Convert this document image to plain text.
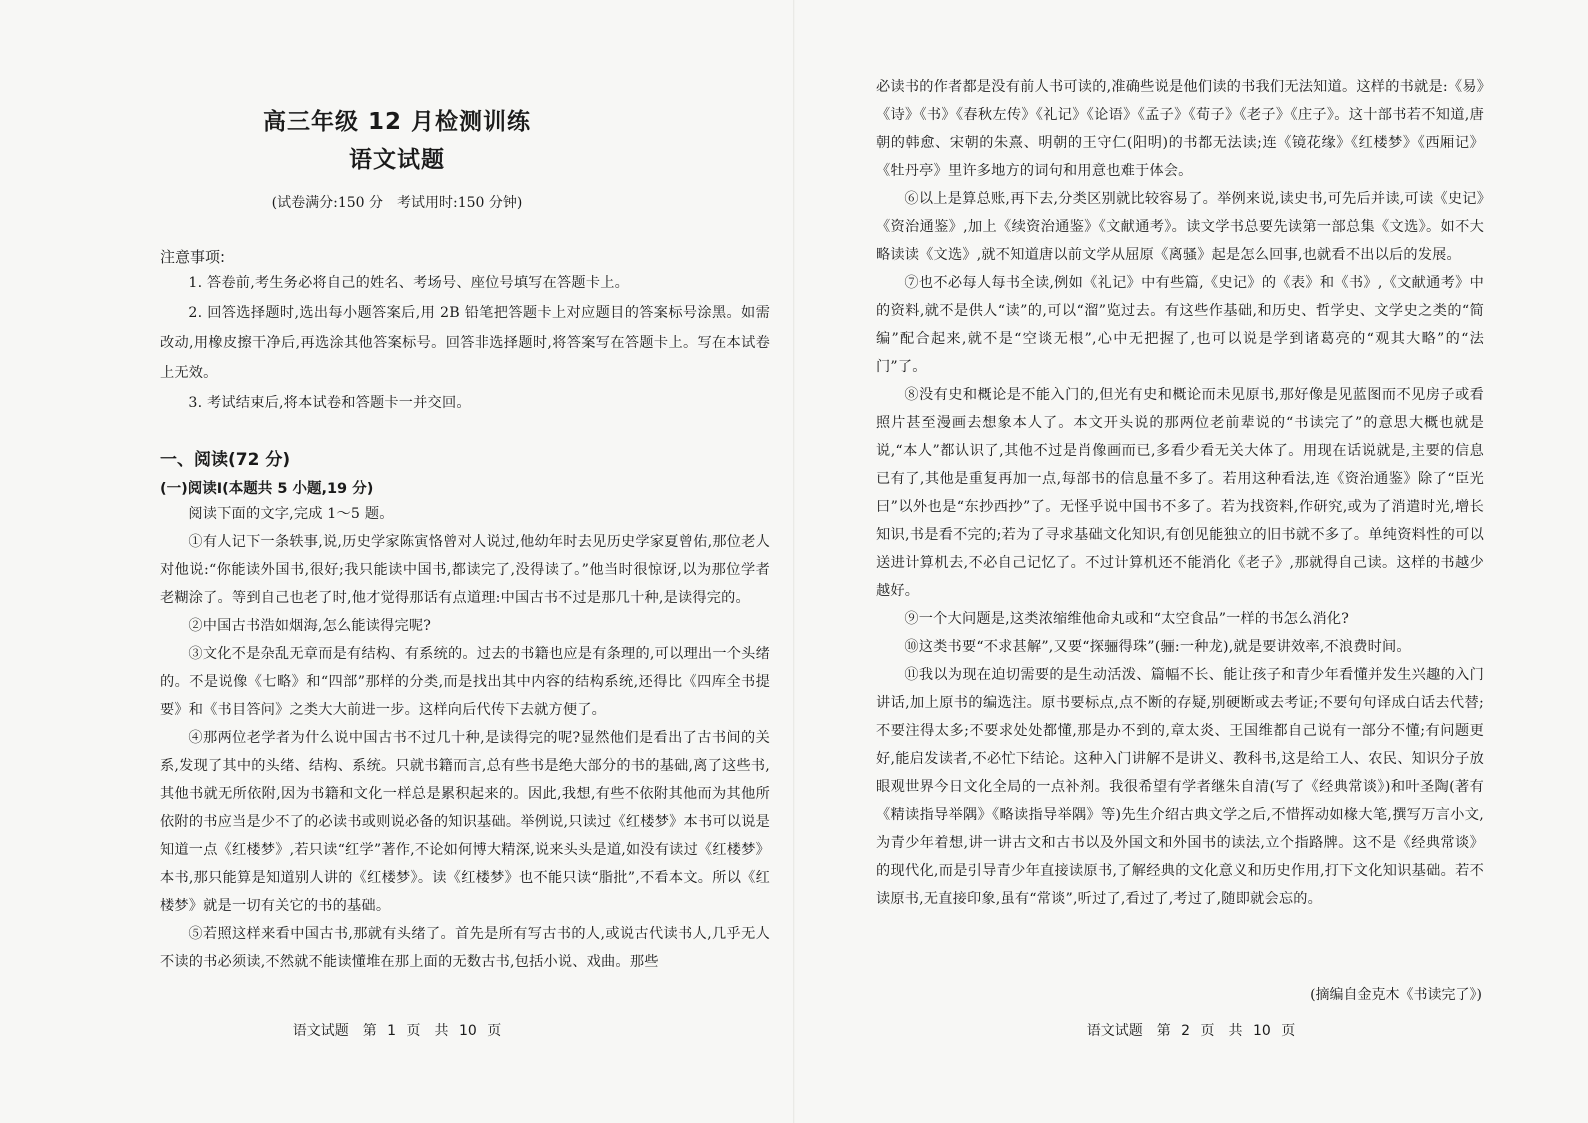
高三年级 12 月检测训练
语文试题
(试卷满分:150 分　考试用时:150 分钟)
注意事项:

1. 答卷前,考生务必将自己的姓名、考场号、座位号填写在答题卡上。

2. 回答选择题时,选出每小题答案后,用 2B 铅笔把答题卡上对应题目的答案标号涂黑。如需改动,用橡皮擦干净后,再选涂其他答案标号。回答非选择题时,将答案写在答题卡上。写在本试卷上无效。

3. 考试结束后,将本试卷和答题卡一并交回。

一、阅读(72 分)
(一)阅读Ⅰ(本题共 5 小题,19 分)

阅读下面的文字,完成 1～5 题。

①有人记下一条轶事,说,历史学家陈寅恪曾对人说过,他幼年时去见历史学家夏曾佑,那位老人对他说:“你能读外国书,很好;我只能读中国书,都读完了,没得读了。”他当时很惊讶,以为那位学者老糊涂了。等到自己也老了时,他才觉得那话有点道理:中国古书不过是那几十种,是读得完的。

②中国古书浩如烟海,怎么能读得完呢?

③文化不是杂乱无章而是有结构、有系统的。过去的书籍也应是有条理的,可以理出一个头绪的。不是说像《七略》和“四部”那样的分类,而是找出其中内容的结构系统,还得比《四库全书提要》和《书目答问》之类大大前进一步。这样向后代传下去就方便了。

④那两位老学者为什么说中国古书不过几十种,是读得完的呢?显然他们是看出了古书间的关系,发现了其中的头绪、结构、系统。只就书籍而言,总有些书是绝大部分的书的基础,离了这些书,其他书就无所依附,因为书籍和文化一样总是累积起来的。因此,我想,有些不依附其他而为其他所依附的书应当是少不了的必读书或则说必备的知识基础。举例说,只读过《红楼梦》本书可以说是知道一点《红楼梦》,若只读“红学”著作,不论如何博大精深,说来头头是道,如没有读过《红楼梦》本书,那只能算是知道别人讲的《红楼梦》。读《红楼梦》也不能只读“脂批”,不看本文。所以《红楼梦》就是一切有关它的书的基础。

⑤若照这样来看中国古书,那就有头绪了。首先是所有写古书的人,或说古代读书人,几乎无人不读的书必须读,不然就不能读懂堆在那上面的无数古书,包括小说、戏曲。那些

语文试题　第 1 页　共 10 页

必读书的作者都是没有前人书可读的,准确些说是他们读的书我们无法知道。这样的书就是:《易》《诗》《书》《春秋左传》《礼记》《论语》《孟子》《荀子》《老子》《庄子》。这十部书若不知道,唐朝的韩愈、宋朝的朱熹、明朝的王守仁(阳明)的书都无法读;连《镜花缘》《红楼梦》《西厢记》《牡丹亭》里许多地方的词句和用意也难于体会。

⑥以上是算总账,再下去,分类区别就比较容易了。举例来说,读史书,可先后并读,可读《史记》《资治通鉴》,加上《续资治通鉴》《文献通考》。读文学书总要先读第一部总集《文选》。如不大略读读《文选》,就不知道唐以前文学从屈原《离骚》起是怎么回事,也就看不出以后的发展。

⑦也不必每人每书全读,例如《礼记》中有些篇,《史记》的《表》和《书》,《文献通考》中的资料,就不是供人“读”的,可以“溜”览过去。有这些作基础,和历史、哲学史、文学史之类的“简编”配合起来,就不是“空谈无根”,心中无把握了,也可以说是学到诸葛亮的“观其大略”的“法门”了。

⑧没有史和概论是不能入门的,但光有史和概论而未见原书,那好像是见蓝图而不见房子或看照片甚至漫画去想象本人了。本文开头说的那两位老前辈说的“书读完了”的意思大概也就是说,“本人”都认识了,其他不过是肖像画而已,多看少看无关大体了。用现在话说就是,主要的信息已有了,其他是重复再加一点,每部书的信息量不多了。若用这种看法,连《资治通鉴》除了“臣光曰”以外也是“东抄西抄”了。无怪乎说中国书不多了。若为找资料,作研究,或为了消遣时光,增长知识,书是看不完的;若为了寻求基础文化知识,有创见能独立的旧书就不多了。单纯资料性的可以送进计算机去,不必自己记忆了。不过计算机还不能消化《老子》,那就得自己读。这样的书越少越好。

⑨一个大问题是,这类浓缩维他命丸或和“太空食品”一样的书怎么消化?

⑩这类书要“不求甚解”,又要“探骊得珠”(骊:一种龙),就是要讲效率,不浪费时间。

⑪我以为现在迫切需要的是生动活泼、篇幅不长、能让孩子和青少年看懂并发生兴趣的入门讲话,加上原书的编选注。原书要标点,点不断的存疑,别硬断或去考证;不要句句译成白话去代替;不要注得太多;不要求处处都懂,那是办不到的,章太炎、王国维都自己说有一部分不懂;有问题更好,能启发读者,不必忙下结论。这种入门讲解不是讲义、教科书,这是给工人、农民、知识分子放眼观世界今日文化全局的一点补剂。我很希望有学者继朱自清(写了《经典常谈》)和叶圣陶(著有《精读指导举隅》《略读指导举隅》等)先生介绍古典文学之后,不惜挥动如椽大笔,撰写万言小文,为青少年着想,讲一讲古文和古书以及外国文和外国书的读法,立个指路牌。这不是《经典常谈》的现代化,而是引导青少年直接读原书,了解经典的文化意义和历史作用,打下文化知识基础。若不读原书,无直接印象,虽有“常谈”,听过了,看过了,考过了,随即就会忘的。

(摘编自金克木《书读完了》)
语文试题　第 2 页　共 10 页
